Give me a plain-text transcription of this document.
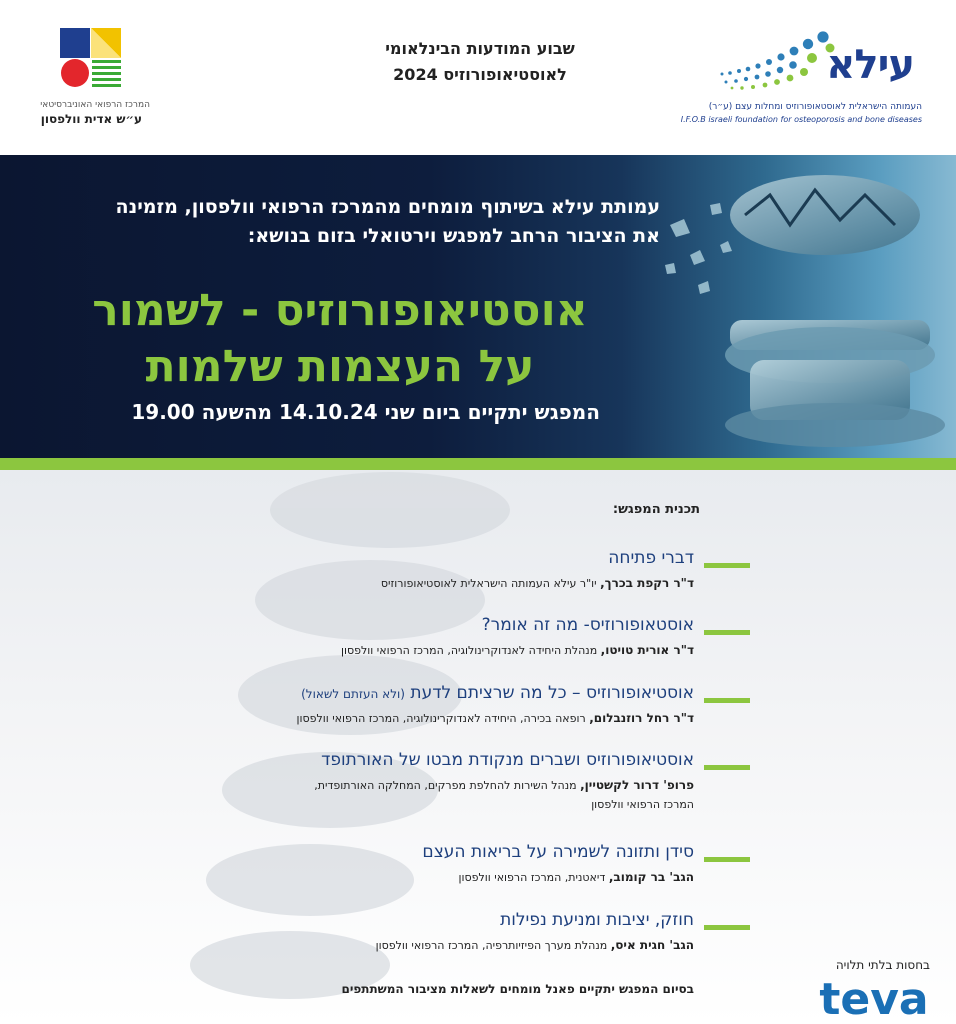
עילא
העמותה הישראלית לאוסטאופורוזיס ומחלות עצם (ע״ר)
I.F.O.B israeli foundation for osteoporosis and bone diseases
שבוע המודעות הבינלאומי
לאוסטיאופורוזיס 2024
המרכז הרפואי האוניברסיטאי
ע״ש אדית וולפסון
עמותת עילא בשיתוף מומחים מהמרכז הרפואי וולפסון, מזמינה
את הציבור הרחב למפגש וירטואלי בזום בנושא:
אוסטיאופורוזיס - לשמור
על העצמות שלמות
המפגש יתקיים ביום שני 14.10.24 מהשעה 19.00
תכנית המפגש:
דברי פתיחה
ד"ר רקפת בכרך, יו"ר עילא העמותה הישראלית לאוסטיאופורוזיס
אוסטאופורוזיס- מה זה אומר?
ד"ר אורית טויטו, מנהלת היחידה לאנדוקרינולוגיה, המרכז הרפואי וולפסון
אוסטיאופורוזיס – כל מה שרציתם לדעת (ולא העזתם לשאול)
ד"ר רחל רוזנבלום, רופאה בכירה, היחידה לאנדוקרינולוגיה, המרכז הרפואי וולפסון
אוסטיאופורוזיס ושברים מנקודת מבטו של האורתופד
פרופ' דרור לקשטיין, מנהל השירות להחלפת מפרקים, המחלקה האורתופדית,
המרכז הרפואי וולפסון
סידן ותזונה לשמירה על בריאות העצם
הגב' בר קומוב, דיאטנית, המרכז הרפואי וולפסון
חוזק, יציבות ומניעת נפילות
הגב' חגית איס, מנהלת מערך הפיזיותרפיה, המרכז הרפואי וולפסון
בסיום המפגש יתקיים פאנל מומחים לשאלות מציבור המשתתפים
בחסות בלתי תלויה
teva
